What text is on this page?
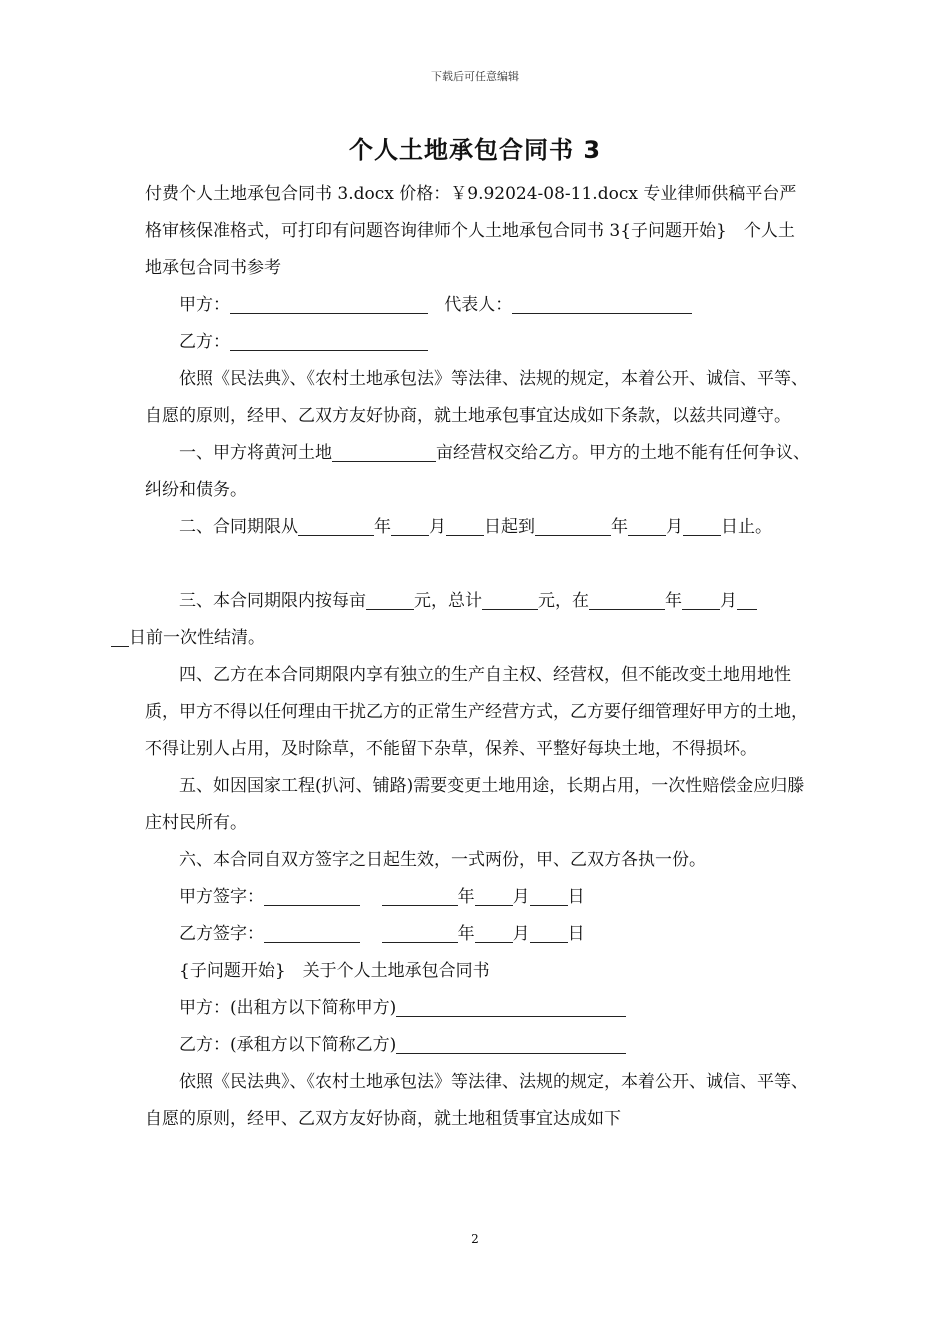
下载后可任意编辑
个人土地承包合同书 3

付费个人土地承包合同书 3.docx 价格：￥9.92024-08-11.docx 专业律师供稿平台严格审核保准格式，可打印有问题咨询律师个人土地承包合同书 3{子问题开始}　个人土地承包合同书参考

甲方：	代表人：

乙方：

依照《民法典》、《农村土地承包法》等法律、法规的规定，本着公开、诚信、平等、自愿的原则，经甲、乙双方友好协商，就土地承包事宜达成如下条款，以兹共同遵守。

一、甲方将黄河土地	亩经营权交给乙方。甲方的土地不能有任何争议、纠纷和债务。

二、合同期限从	年 月 日起到	年 月 日止。

三、本合同期限内按每亩	元，总计	元，在	年 月
日前一次性结清。

四、乙方在本合同期限内享有独立的生产自主权、经营权，但不能改变土地用地性质，甲方不得以任何理由干扰乙方的正常生产经营方式，乙方要仔细管理好甲方的土地，不得让别人占用，及时除草，不能留下杂草，保养、平整好每块土地，不得损坏。

五、如因国家工程(扒河、铺路)需要变更土地用途，长期占用，一次性赔偿金应归滕庄村民所有。

六、本合同自双方签字之日起生效，一式两份，甲、乙双方各执一份。

甲方签字：	年 月 日

乙方签字：	年 月 日

{子问题开始}　关于个人土地承包合同书

甲方：(出租方以下简称甲方)

乙方：(承租方以下简称乙方)

依照《民法典》、《农村土地承包法》等法律、法规的规定，本着公开、诚信、平等、自愿的原则，经甲、乙双方友好协商，就土地租赁事宜达成如下

2
